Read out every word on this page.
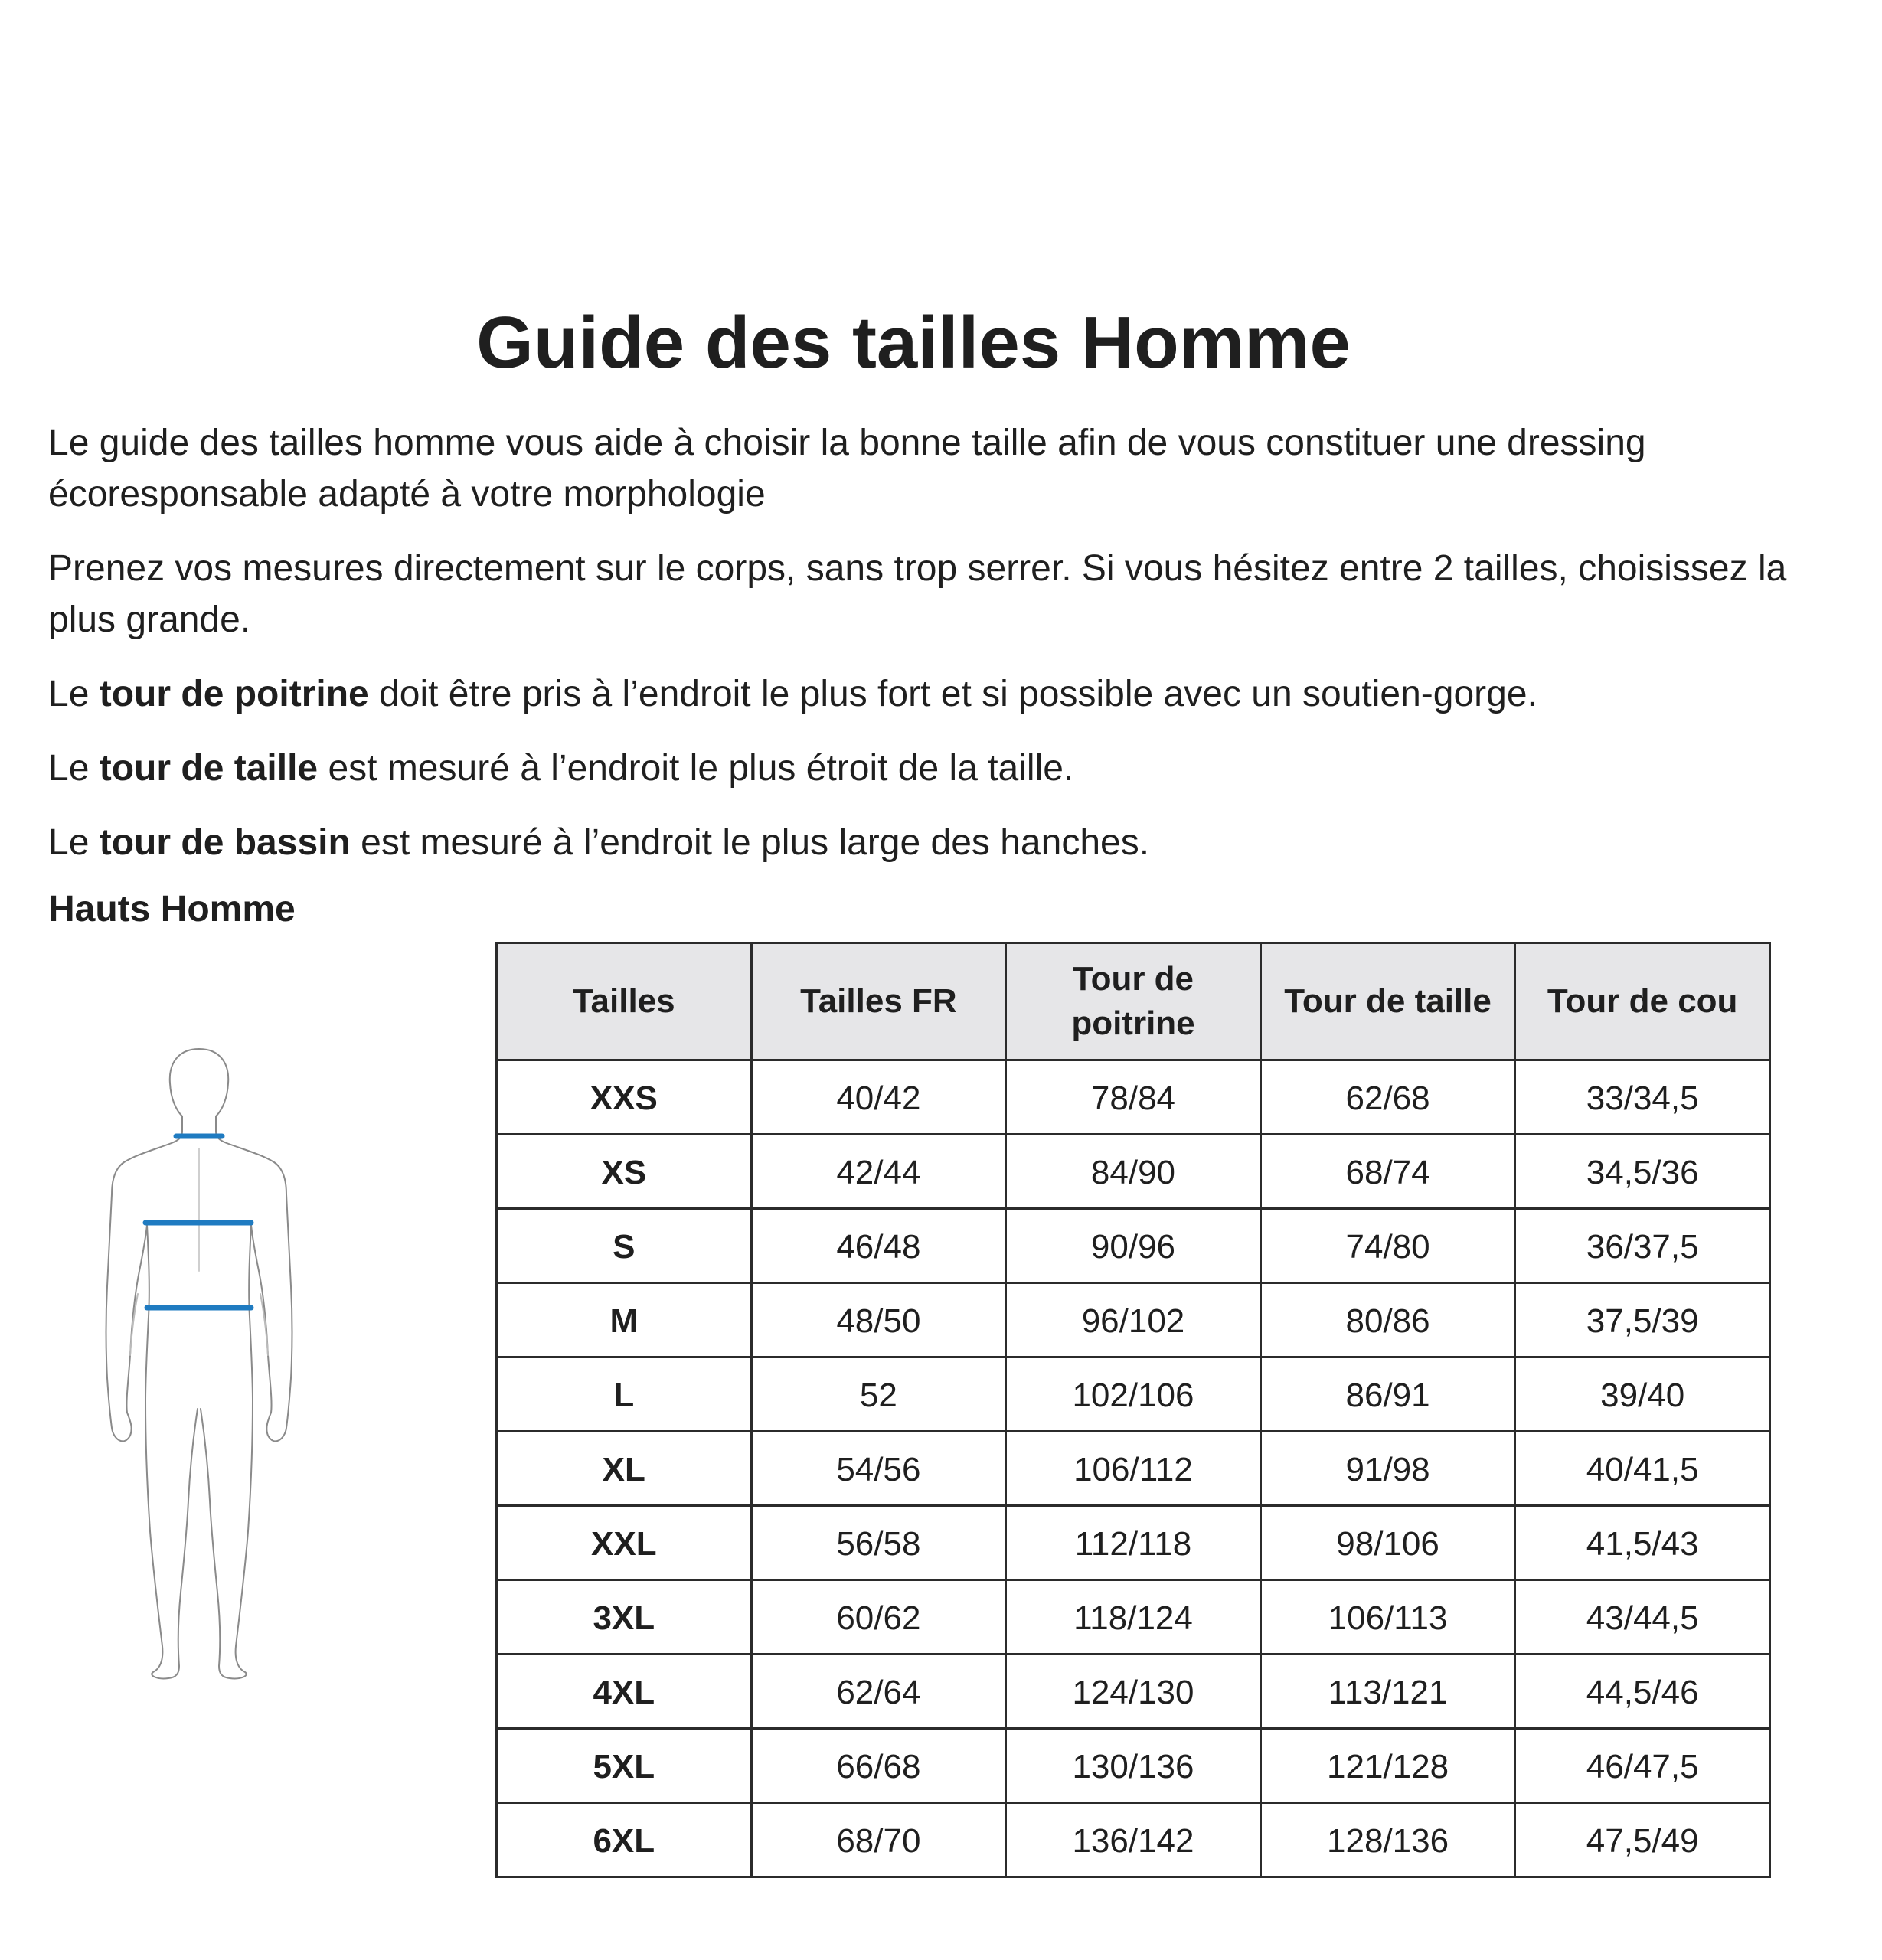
Guide des tailles Homme

Le guide des tailles homme vous aide à choisir la bonne taille afin de vous constituer une dressing écoresponsable adapté à votre morphologie

Prenez vos mesures directement sur le corps, sans trop serrer. Si vous hésitez entre 2 tailles, choisissez la plus grande.

Le tour de poitrine doit être pris à l’endroit le plus fort et si possible avec un soutien-gorge.

Le tour de taille est mesuré à l’endroit le plus étroit de la taille.

Le tour de bassin est mesuré à l’endroit le plus large des hanches.

Hauts Homme
Tailles	Tailles FR	Tour de poitrine	Tour de taille	Tour de cou
XXS	40/42	78/84	62/68	33/34,5
XS	42/44	84/90	68/74	34,5/36
S	46/48	90/96	74/80	36/37,5
M	48/50	96/102	80/86	37,5/39
L	52	102/106	86/91	39/40
XL	54/56	106/112	91/98	40/41,5
XXL	56/58	112/118	98/106	41,5/43
3XL	60/62	118/124	106/113	43/44,5
4XL	62/64	124/130	113/121	44,5/46
5XL	66/68	130/136	121/128	46/47,5
6XL	68/70	136/142	128/136	47,5/49
